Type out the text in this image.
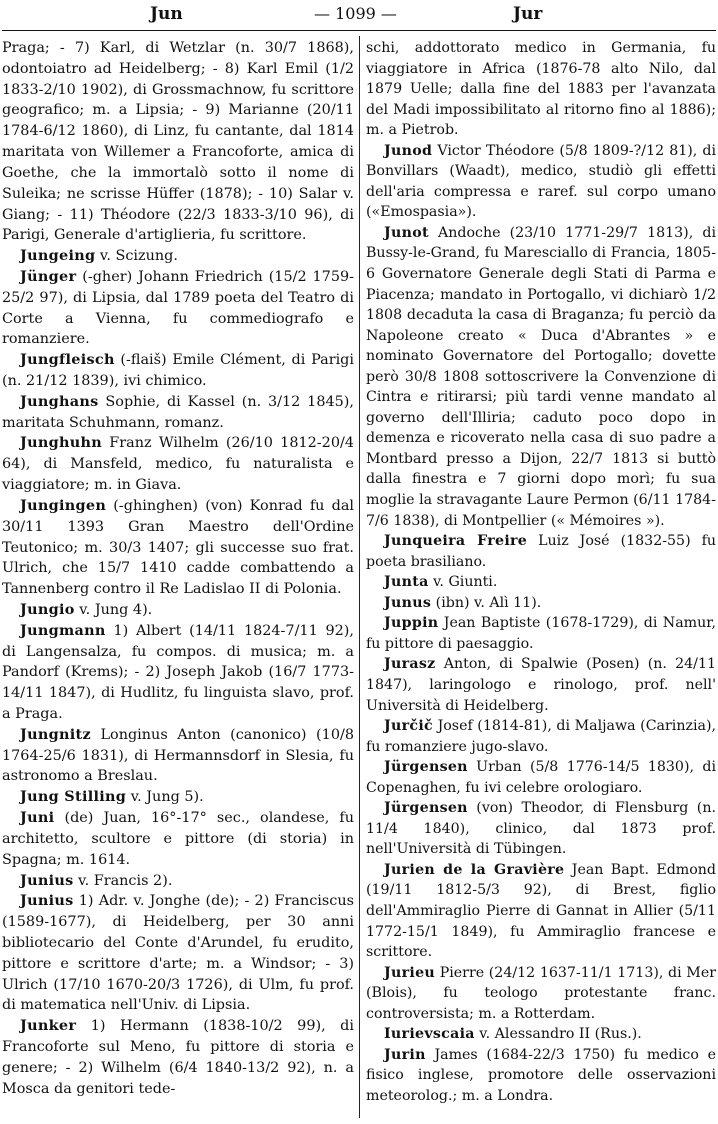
Jun	— 1099 —	Jur

Praga; - 7) Karl, di Wetzlar (n. 30/7 1868), odontoiatro ad Heidelberg; - 8) Karl Emil (1/2 1833-2/10 1902), di Grossmachnow, fu scrittore geografico; m. a Lipsia; - 9) Marianne (20/11 1784-6/12 1860), di Linz, fu cantante, dal 1814 maritata von Willemer a Francoforte, amica di Goethe, che la immortalò sotto il nome di Suleika; ne scrisse Hüffer (1878); - 10) Salar v. Giang; - 11) Théodore (22/3 1833-3/10 96), di Parigi, Generale d'artiglieria, fu scrittore.

Jungeing v. Scizung.

Jünger (-gher) Johann Friedrich (15/2 1759-25/2 97), di Lipsia, dal 1789 poeta del Teatro di Corte a Vienna, fu commediografo e romanziere.

Jungfleisch (-flaiš) Emile Clément, di Parigi (n. 21/12 1839), ivi chimico.

Junghans Sophie, di Kassel (n. 3/12 1845), maritata Schuhmann, romanz.

Junghuhn Franz Wilhelm (26/10 1812-20/4 64), di Mansfeld, medico, fu naturalista e viaggiatore; m. in Giava.

Jungingen (-ghinghen) (von) Konrad fu dal 30/11 1393 Gran Maestro dell'Ordine Teutonico; m. 30/3 1407; gli successe suo frat. Ulrich, che 15/7 1410 cadde combattendo a Tannenberg contro il Re Ladislao II di Polonia.

Jungio v. Jung 4).

Jungmann 1) Albert (14/11 1824-7/11 92), di Langensalza, fu compos. di musica; m. a Pandorf (Krems); - 2) Joseph Jakob (16/7 1773-14/11 1847), di Hudlitz, fu linguista slavo, prof. a Praga.

Jungnitz Longinus Anton (canonico) (10/8 1764-25/6 1831), di Hermannsdorf in Slesia, fu astronomo a Breslau.

Jung Stilling v. Jung 5).

Juni (de) Juan, 16°-17° sec., olandese, fu architetto, scultore e pittore (di storia) in Spagna; m. 1614.

Junius v. Francis 2).

Junius 1) Adr. v. Jonghe (de); - 2) Franciscus (1589-1677), di Heidelberg, per 30 anni bibliotecario del Conte d'Arundel, fu erudito, pittore e scrittore d'arte; m. a Windsor; - 3) Ulrich (17/10 1670-20/3 1726), di Ulm, fu prof. di matematica nell'Univ. di Lipsia.

Junker 1) Hermann (1838-10/2 99), di Francoforte sul Meno, fu pittore di storia e genere; - 2) Wilhelm (6/4 1840-13/2 92), n. a Mosca da genitori tede-

schi, addottorato medico in Germania, fu viaggiatore in Africa (1876-78 alto Nilo, dal 1879 Uelle; dalla fine del 1883 per l'avanzata del Madi impossibilitato al ritorno fino al 1886); m. a Pietrob.

Junod Victor Théodore (5/8 1809-?/12 81), di Bonvillars (Waadt), medico, studiò gli effetti dell'aria compressa e raref. sul corpo umano («Emospasia»).

Junot Andoche (23/10 1771-29/7 1813), di Bussy-le-Grand, fu Maresciallo di Francia, 1805-6 Governatore Generale degli Stati di Parma e Piacenza; mandato in Portogallo, vi dichiarò 1/2 1808 decaduta la casa di Braganza; fu perciò da Napoleone creato « Duca d'Abrantes » e nominato Governatore del Portogallo; dovette però 30/8 1808 sottoscrivere la Convenzione di Cintra e ritirarsi; più tardi venne mandato al governo dell'Illiria; caduto poco dopo in demenza e ricoverato nella casa di suo padre a Montbard presso a Dijon, 22/7 1813 si buttò dalla finestra e 7 giorni dopo morì; fu sua moglie la stravagante Laure Permon (6/11 1784-7/6 1838), di Montpellier (« Mémoires »).

Junqueira Freire Luiz José (1832-55) fu poeta brasiliano.

Junta v. Giunti.

Junus (ibn) v. Alì 11).

Juppin Jean Baptiste (1678-1729), di Namur, fu pittore di paesaggio.

Jurasz Anton, di Spalwie (Posen) (n. 24/11 1847), laringologo e rinologo, prof. nell' Università di Heidelberg.

Jurčič Josef (1814-81), di Maljawa (Carinzia), fu romanziere jugo-slavo.

Jürgensen Urban (5/8 1776-14/5 1830), di Copenaghen, fu ivi celebre orologiaro.

Jürgensen (von) Theodor, di Flensburg (n. 11/4 1840), clinico, dal 1873 prof. nell'Università di Tübingen.

Jurien de la Gravière Jean Bapt. Edmond (19/11 1812-5/3 92), di Brest, figlio dell'Ammiraglio Pierre di Gannat in Allier (5/11 1772-15/1 1849), fu Ammiraglio francese e scrittore.

Jurieu Pierre (24/12 1637-11/1 1713), di Mer (Blois), fu teologo protestante franc. controversista; m. a Rotterdam.

Iurievscaia v. Alessandro II (Rus.).

Jurin James (1684-22/3 1750) fu medico e fisico inglese, promotore delle osservazioni meteorolog.; m. a Londra.
